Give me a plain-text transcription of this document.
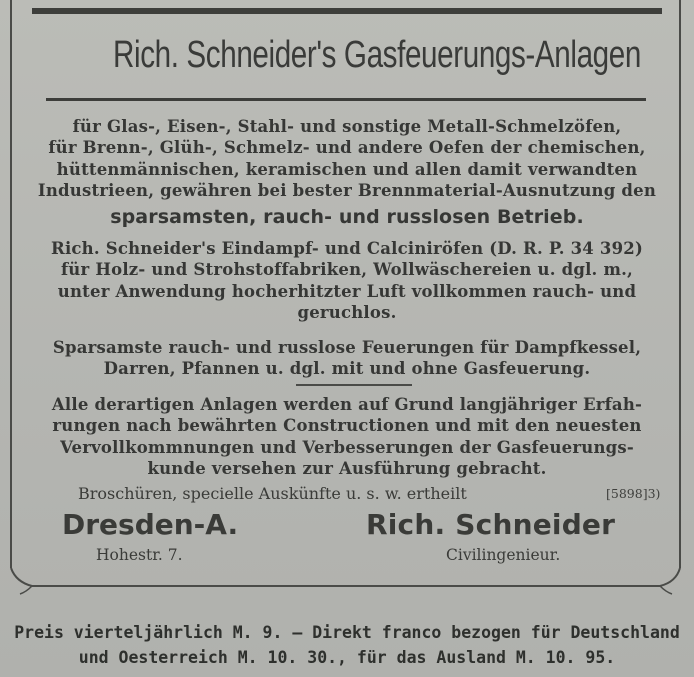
Rich. Schneider's Gasfeuerungs-Anlagen
für Glas-, Eisen-, Stahl- und sonstige Metall-Schmelzöfen,
für Brenn-, Glüh-, Schmelz- und andere Oefen der chemischen,
hüttenmännischen, keramischen und allen damit verwandten
Industrieen, gewähren bei bester Brennmaterial-Ausnutzung den
sparsamsten, rauch- und russlosen Betrieb.
Rich. Schneider's Eindampf- und Calciniröfen (D. R. P. 34 392)
für Holz- und Strohstoffabriken, Wollwäschereien u. dgl. m.,
unter Anwendung hocherhitzter Luft vollkommen rauch- und
geruchlos.
Sparsamste rauch- und russlose Feuerungen für Dampfkessel,
Darren, Pfannen u. dgl. mit und ohne Gasfeuerung.
Alle derartigen Anlagen werden auf Grund langjähriger Erfah-
rungen nach bewährten Constructionen und mit den neuesten
Vervollkommnungen und Verbesserungen der Gasfeuerungs-
kunde versehen zur Ausführung gebracht.
Broschüren, specielle Auskünfte u. s. w. ertheilt	[5898]3)
Dresden-A.
Hohestr. 7.
Rich. Schneider
Civilingenieur.
Preis vierteljährlich M. 9. — Direkt franco bezogen für Deutschland
und Oesterreich M. 10. 30., für das Ausland M. 10. 95.
